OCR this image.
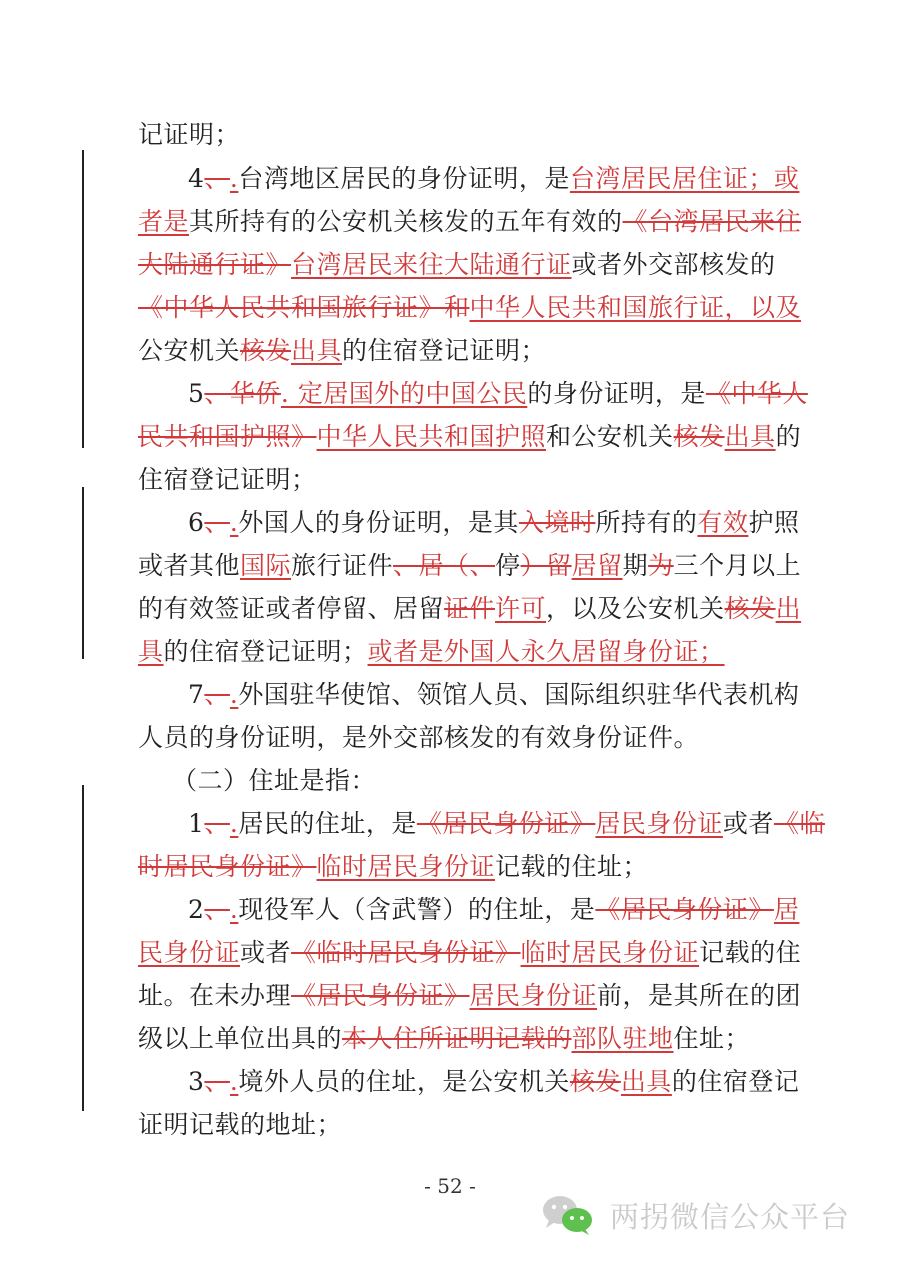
记证明；
4、.台湾地区居民的身份证明，是台湾居民居住证；或
者是其所持有的公安机关核发的五年有效的《台湾居民来往
大陆通行证》台湾居民来往大陆通行证或者外交部核发的
《中华人民共和国旅行证》和中华人民共和国旅行证，以及
公安机关核发出具的住宿登记证明；
5、华侨. 定居国外的中国公民的身份证明，是《中华人
民共和国护照》中华人民共和国护照和公安机关核发出具的
住宿登记证明；
6、.外国人的身份证明，是其入境时所持有的有效护照
或者其他国际旅行证件、居（、停）留居留期为三个月以上
的有效签证或者停留、居留证件许可，以及公安机关核发出
具的住宿登记证明；或者是外国人永久居留身份证；
7、.外国驻华使馆、领馆人员、国际组织驻华代表机构
人员的身份证明，是外交部核发的有效身份证件。
（二）住址是指：
1、.居民的住址，是《居民身份证》居民身份证或者《临
时居民身份证》临时居民身份证记载的住址；
2、.现役军人（含武警）的住址，是《居民身份证》居
民身份证或者《临时居民身份证》临时居民身份证记载的住
址。在未办理《居民身份证》居民身份证前，是其所在的团
级以上单位出具的本人住所证明记载的部队驻地住址；
3、.境外人员的住址，是公安机关核发出具的住宿登记
证明记载的地址；
- 52 -
两拐微信公众平台
